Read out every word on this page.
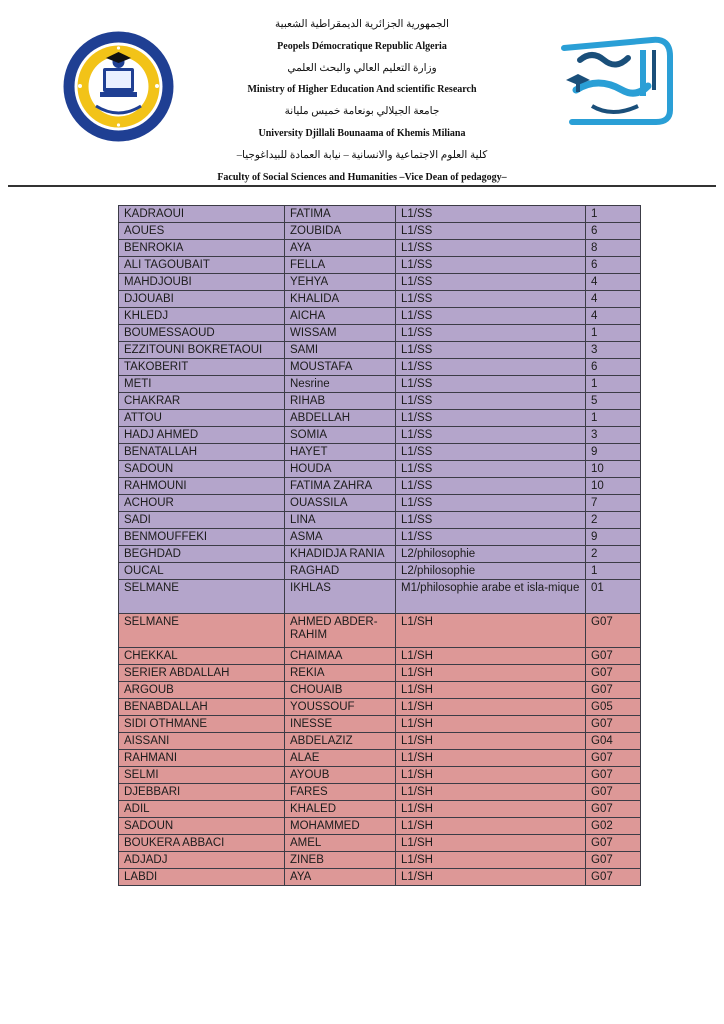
الجمهورية الجزائرية الديمقراطية الشعبية
Peopels Démocratique Republic Algeria
وزارة التعليم العالي والبحث العلمي
Ministry of Higher Education And scientific Research
جامعة الجيلالي بونعامة خميس مليانة
University Djillali Bounaama of Khemis Miliana
كلية العلوم الاجتماعية والانسانية – نيابة العمادة للبيداغوجيا–
Faculty of Social Sciences and Humanities –Vice Dean of pedagogy–
KADRAOUI	FATIMA	L1/SS	1
AOUES	ZOUBIDA	L1/SS	6
BENROKIA	AYA	L1/SS	8
ALI TAGOUBAIT	FELLA	L1/SS	6
MAHDJOUBI	YEHYA	L1/SS	4
DJOUABI	KHALIDA	L1/SS	4
KHLEDJ	AICHA	L1/SS	4
BOUMESSAOUD	WISSAM	L1/SS	1
EZZITOUNI BOKRETAOUI	SAMI	L1/SS	3
TAKOBERIT	MOUSTAFA	L1/SS	6
METI	Nesrine	L1/SS	1
CHAKRAR	RIHAB	L1/SS	5
ATTOU	ABDELLAH	L1/SS	1
HADJ AHMED	SOMIA	L1/SS	3
BENATALLAH	HAYET	L1/SS	9
SADOUN	HOUDA	L1/SS	10
RAHMOUNI	FATIMA ZAHRA	L1/SS	10
ACHOUR	OUASSILA	L1/SS	7
SADI	LINA	L1/SS	2
BENMOUFFEKI	ASMA	L1/SS	9
BEGHDAD	KHADIDJA RANIA	L2/philosophie	2
OUCAL	RAGHAD	L2/philosophie	1
SELMANE	IKHLAS	M1/philosophie arabe et isla-mique	01
SELMANE	AHMED ABDER-RAHIM	L1/SH	G07
CHEKKAL	CHAIMAA	L1/SH	G07
SERIER ABDALLAH	REKIA	L1/SH	G07
ARGOUB	CHOUAIB	L1/SH	G07
BENABDALLAH	YOUSSOUF	L1/SH	G05
SIDI OTHMANE	INESSE	L1/SH	G07
AISSANI	ABDELAZIZ	L1/SH	G04
RAHMANI	ALAE	L1/SH	G07
SELMI	AYOUB	L1/SH	G07
DJEBBARI	FARES	L1/SH	G07
ADIL	KHALED	L1/SH	G07
SADOUN	MOHAMMED	L1/SH	G02
BOUKERA ABBACI	AMEL	L1/SH	G07
ADJADJ	ZINEB	L1/SH	G07
LABDI	AYA	L1/SH	G07
